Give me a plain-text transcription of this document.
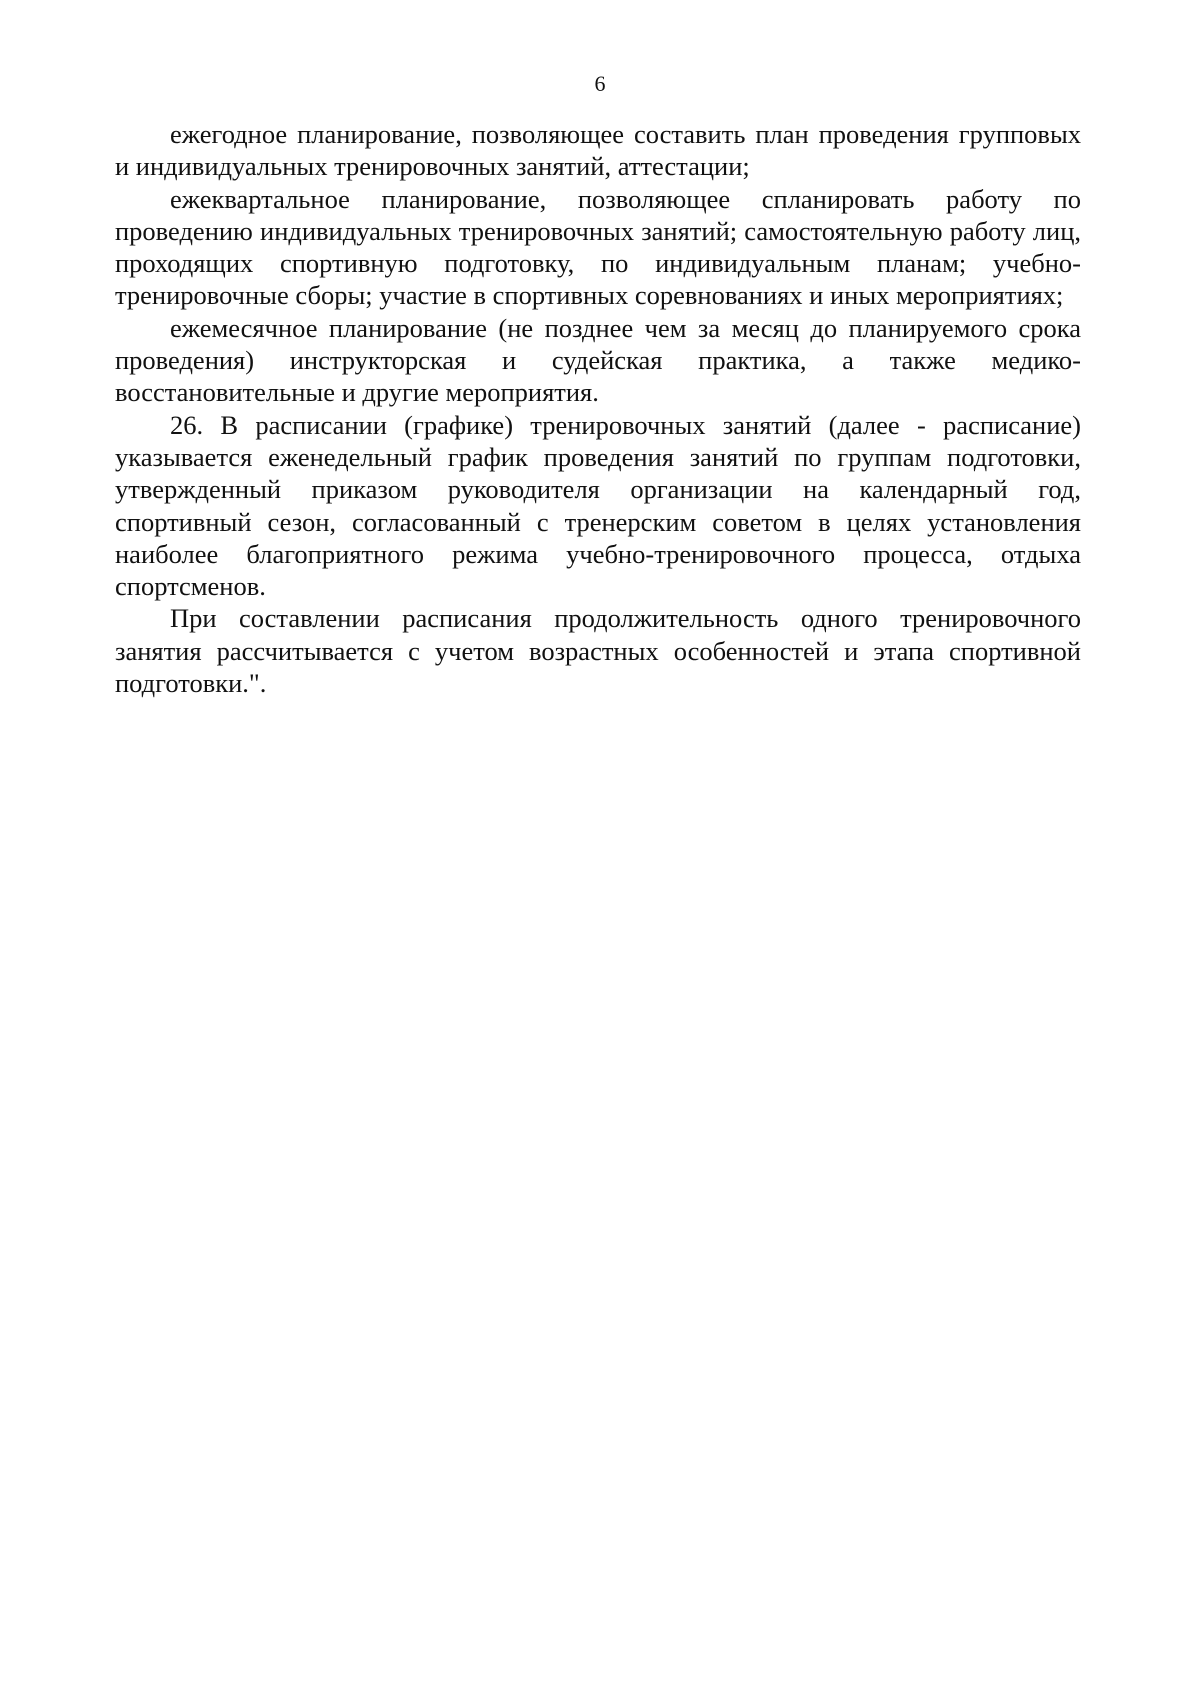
6

ежегодное планирование, позволяющее составить план проведения групповых и индивидуальных тренировочных занятий, аттестации;

ежеквартальное планирование, позволяющее спланировать работу по проведению индивидуальных тренировочных занятий; самостоятельную работу лиц, проходящих спортивную подготовку, по индивидуальным планам; учебно-тренировочные сборы; участие в спортивных соревнованиях и иных мероприятиях;

ежемесячное планирование (не позднее чем за месяц до планируемого срока проведения) инструкторская и судейская практика, а также медико-восстановительные и другие мероприятия.

26. В расписании (графике) тренировочных занятий (далее - расписание) указывается еженедельный график проведения занятий по группам подготовки, утвержденный приказом руководителя организации на календарный год, спортивный сезон, согласованный с тренерским советом в целях установления наиболее благоприятного режима учебно-тренировочного процесса, отдыха спортсменов.

При составлении расписания продолжительность одного тренировочного занятия рассчитывается с учетом возрастных особенностей и этапа спортивной подготовки.".
